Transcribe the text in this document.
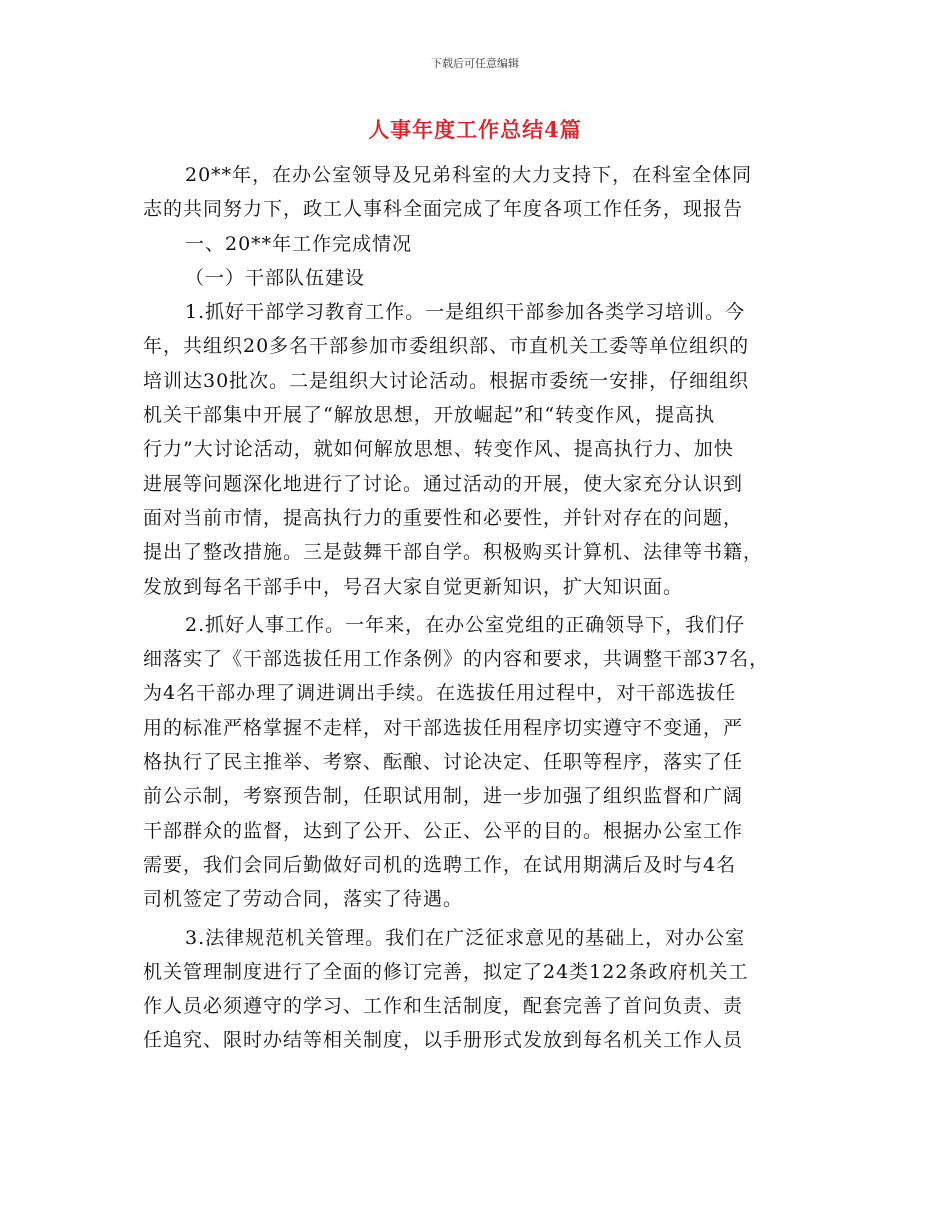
下载后可任意编辑
人事年度工作总结4篇
20**年，在办公室领导及兄弟科室的大力支持下，在科室全体同
志的共同努力下，政工人事科全面完成了年度各项工作任务，现报告
一、20**年工作完成情况
（一）干部队伍建设
1.抓好干部学习教育工作。一是组织干部参加各类学习培训。今
年，共组织20多名干部参加市委组织部、市直机关工委等单位组织的
培训达30批次。二是组织大讨论活动。根据市委统一安排，仔细组织
机关干部集中开展了“解放思想，开放崛起”和“转变作风，提高执
行力”大讨论活动，就如何解放思想、转变作风、提高执行力、加快
进展等问题深化地进行了讨论。通过活动的开展，使大家充分认识到
面对当前市情，提高执行力的重要性和必要性，并针对存在的问题，
提出了整改措施。三是鼓舞干部自学。积极购买计算机、法律等书籍，
发放到每名干部手中，号召大家自觉更新知识，扩大知识面。
2.抓好人事工作。一年来，在办公室党组的正确领导下，我们仔
细落实了《干部选拔任用工作条例》的内容和要求，共调整干部37名，
为4名干部办理了调进调出手续。在选拔任用过程中，对干部选拔任
用的标准严格掌握不走样，对干部选拔任用程序切实遵守不变通，严
格执行了民主推举、考察、酝酿、讨论决定、任职等程序，落实了任
前公示制，考察预告制，任职试用制，进一步加强了组织监督和广阔
干部群众的监督，达到了公开、公正、公平的目的。根据办公室工作
需要，我们会同后勤做好司机的选聘工作，在试用期满后及时与4名
司机签定了劳动合同，落实了待遇。
3.法律规范机关管理。我们在广泛征求意见的基础上，对办公室
机关管理制度进行了全面的修订完善，拟定了24类122条政府机关工
作人员必须遵守的学习、工作和生活制度，配套完善了首问负责、责
任追究、限时办结等相关制度，以手册形式发放到每名机关工作人员
